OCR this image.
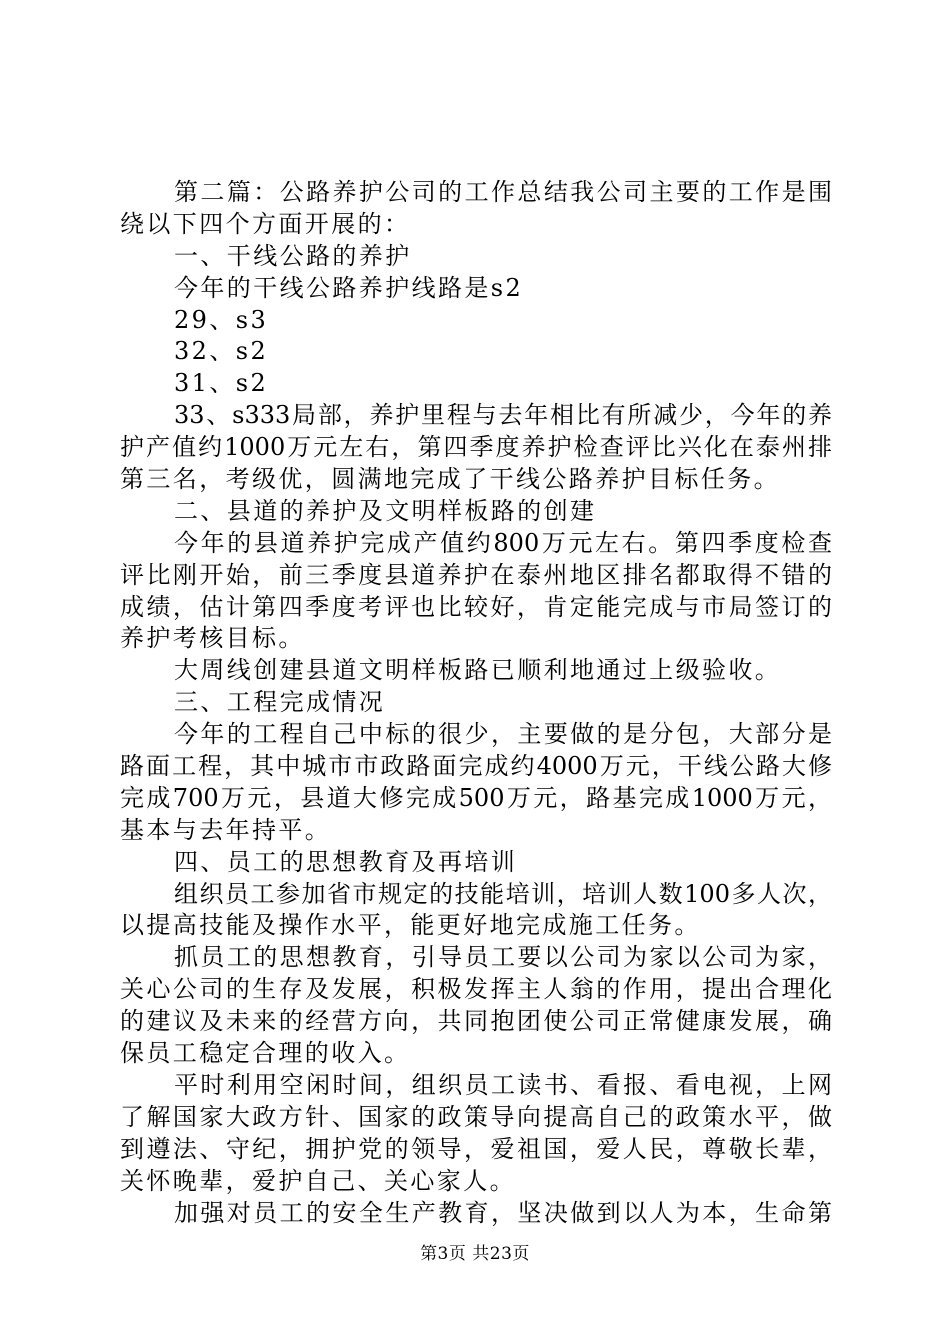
第二篇：公路养护公司的工作总结我公司主要的工作是围
绕以下四个方面开展的：
一、干线公路的养护
今年的干线公路养护线路是s2
29、s3
32、s2
31、s2
33、s333局部，养护里程与去年相比有所减少，今年的养
护产值约1000万元左右，第四季度养护检查评比兴化在泰州排
第三名，考级优，圆满地完成了干线公路养护目标任务。
二、县道的养护及文明样板路的创建
今年的县道养护完成产值约800万元左右。第四季度检查
评比刚开始，前三季度县道养护在泰州地区排名都取得不错的
成绩，估计第四季度考评也比较好，肯定能完成与市局签订的
养护考核目标。
大周线创建县道文明样板路已顺利地通过上级验收。
三、工程完成情况
今年的工程自己中标的很少，主要做的是分包，大部分是
路面工程，其中城市市政路面完成约4000万元，干线公路大修
完成700万元，县道大修完成500万元，路基完成1000万元，
基本与去年持平。
四、员工的思想教育及再培训
组织员工参加省市规定的技能培训，培训人数100多人次，
以提高技能及操作水平，能更好地完成施工任务。
抓员工的思想教育，引导员工要以公司为家以公司为家，
关心公司的生存及发展，积极发挥主人翁的作用，提出合理化
的建议及未来的经营方向，共同抱团使公司正常健康发展，确
保员工稳定合理的收入。
平时利用空闲时间，组织员工读书、看报、看电视，上网
了解国家大政方针、国家的政策导向提高自己的政策水平，做
到遵法、守纪，拥护党的领导，爱祖国，爱人民，尊敬长辈，
关怀晚辈，爱护自己、关心家人。
加强对员工的安全生产教育，坚决做到以人为本，生命第
第3页 共23页
